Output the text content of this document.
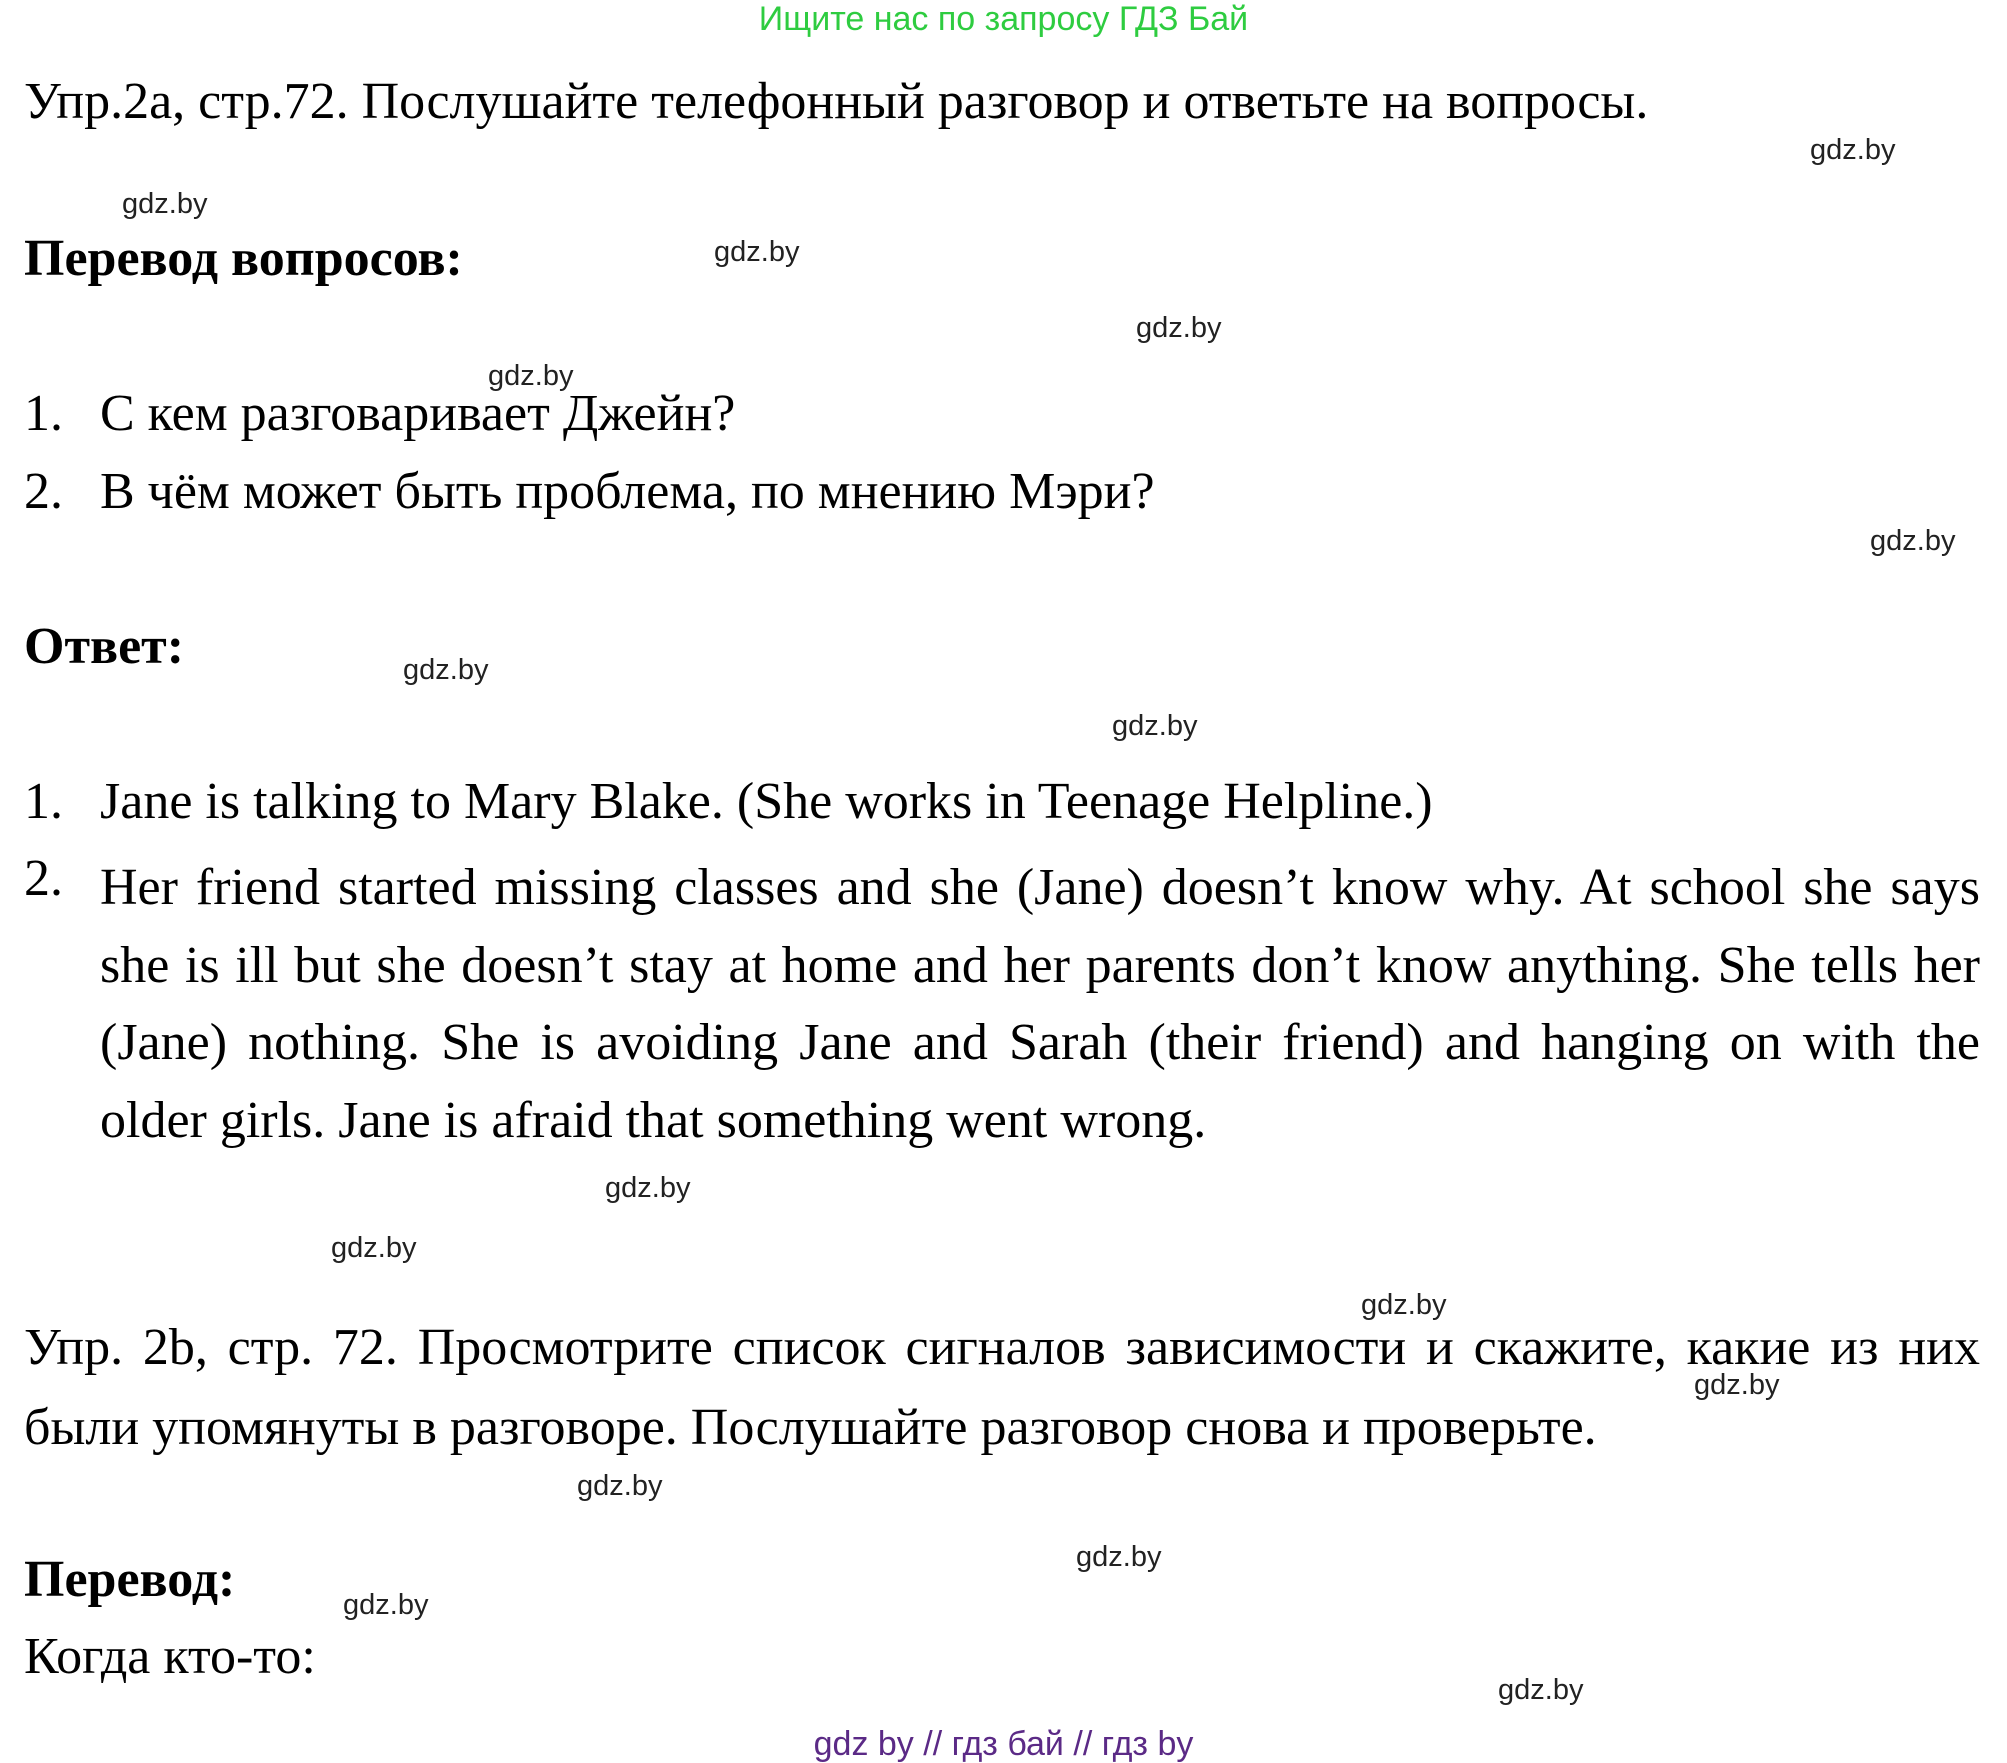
Ищите нас по запросу ГДЗ Бай
Упр.2а, стр.72. Послушайте телефонный разговор и ответьте на вопросы.
Перевод вопросов:
1. С кем разговаривает Джейн?
2. В чём может быть проблема, по мнению Мэри?
Ответ:
1. Jane is talking to Mary Blake. (She works in Teenage Helpline.)
2. Her friend started missing classes and she (Jane) doesn’t know why. At school she says she is ill but she doesn’t stay at home and her parents don’t know anything. She tells her (Jane) nothing. She is avoiding Jane and Sarah (their friend) and hanging on with the older girls. Jane is afraid that something went wrong.
Упр. 2b, стр. 72. Просмотрите список сигналов зависимости и скажите, какие из них были упомянуты в разговоре. Послушайте разговор снова и проверьте.
Перевод:
Когда кто-то:
gdz.by
gdz.by
gdz.by
gdz.by
gdz.by
gdz.by
gdz.by
gdz.by
gdz.by
gdz.by
gdz.by
gdz.by
gdz.by
gdz.by
gdz.by
gdz.by
gdz by // гдз бай // гдз by
